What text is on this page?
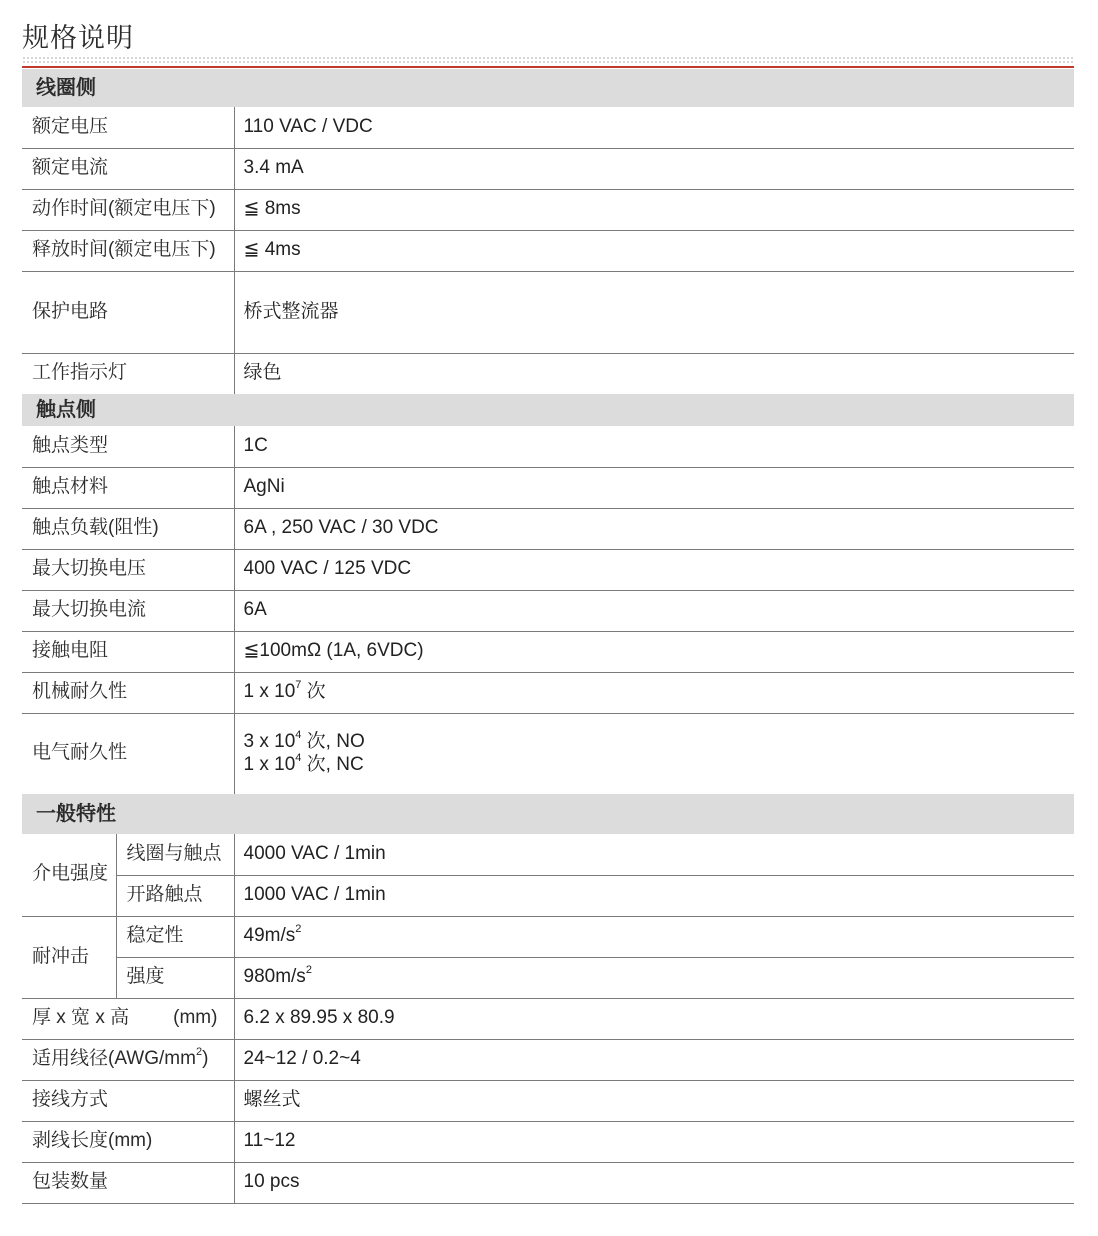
规格说明
线圈侧		
额定电压		110 VAC / VDC
额定电流		3.4 mA
动作时间(额定电压下)		≦ 8ms
释放时间(额定电压下)		≦ 4ms
保护电路		桥式整流器
工作指示灯		绿色
触点侧		
触点类型		1C
触点材料		AgNi
触点负载(阻性)		6A , 250 VAC / 30 VDC
最大切换电压		400 VAC / 125 VDC
最大切换电流		6A
接触电阻		≦100mΩ (1A, 6VDC)
机械耐久性		1 x $10^7$ 次
电气耐久性		3 x $10^4$ 次, NO
1 x $10^4$ 次, NC

一般特性		
介电强度	线圈与触点	4000 VAC / 1min
	开路触点	1000 VAC / 1min
耐冲击	稳定性	$49m/s^2$
	强度	$980m/s^2$
厚 x 宽 x 高 (mm)		6.2 x 89.95 x 80.9
适用线径$(AWG/mm^2)$		24~12 / 0.2~4
接线方式		螺丝式
剥线长度(mm)		11~12
包装数量		10 pcs
